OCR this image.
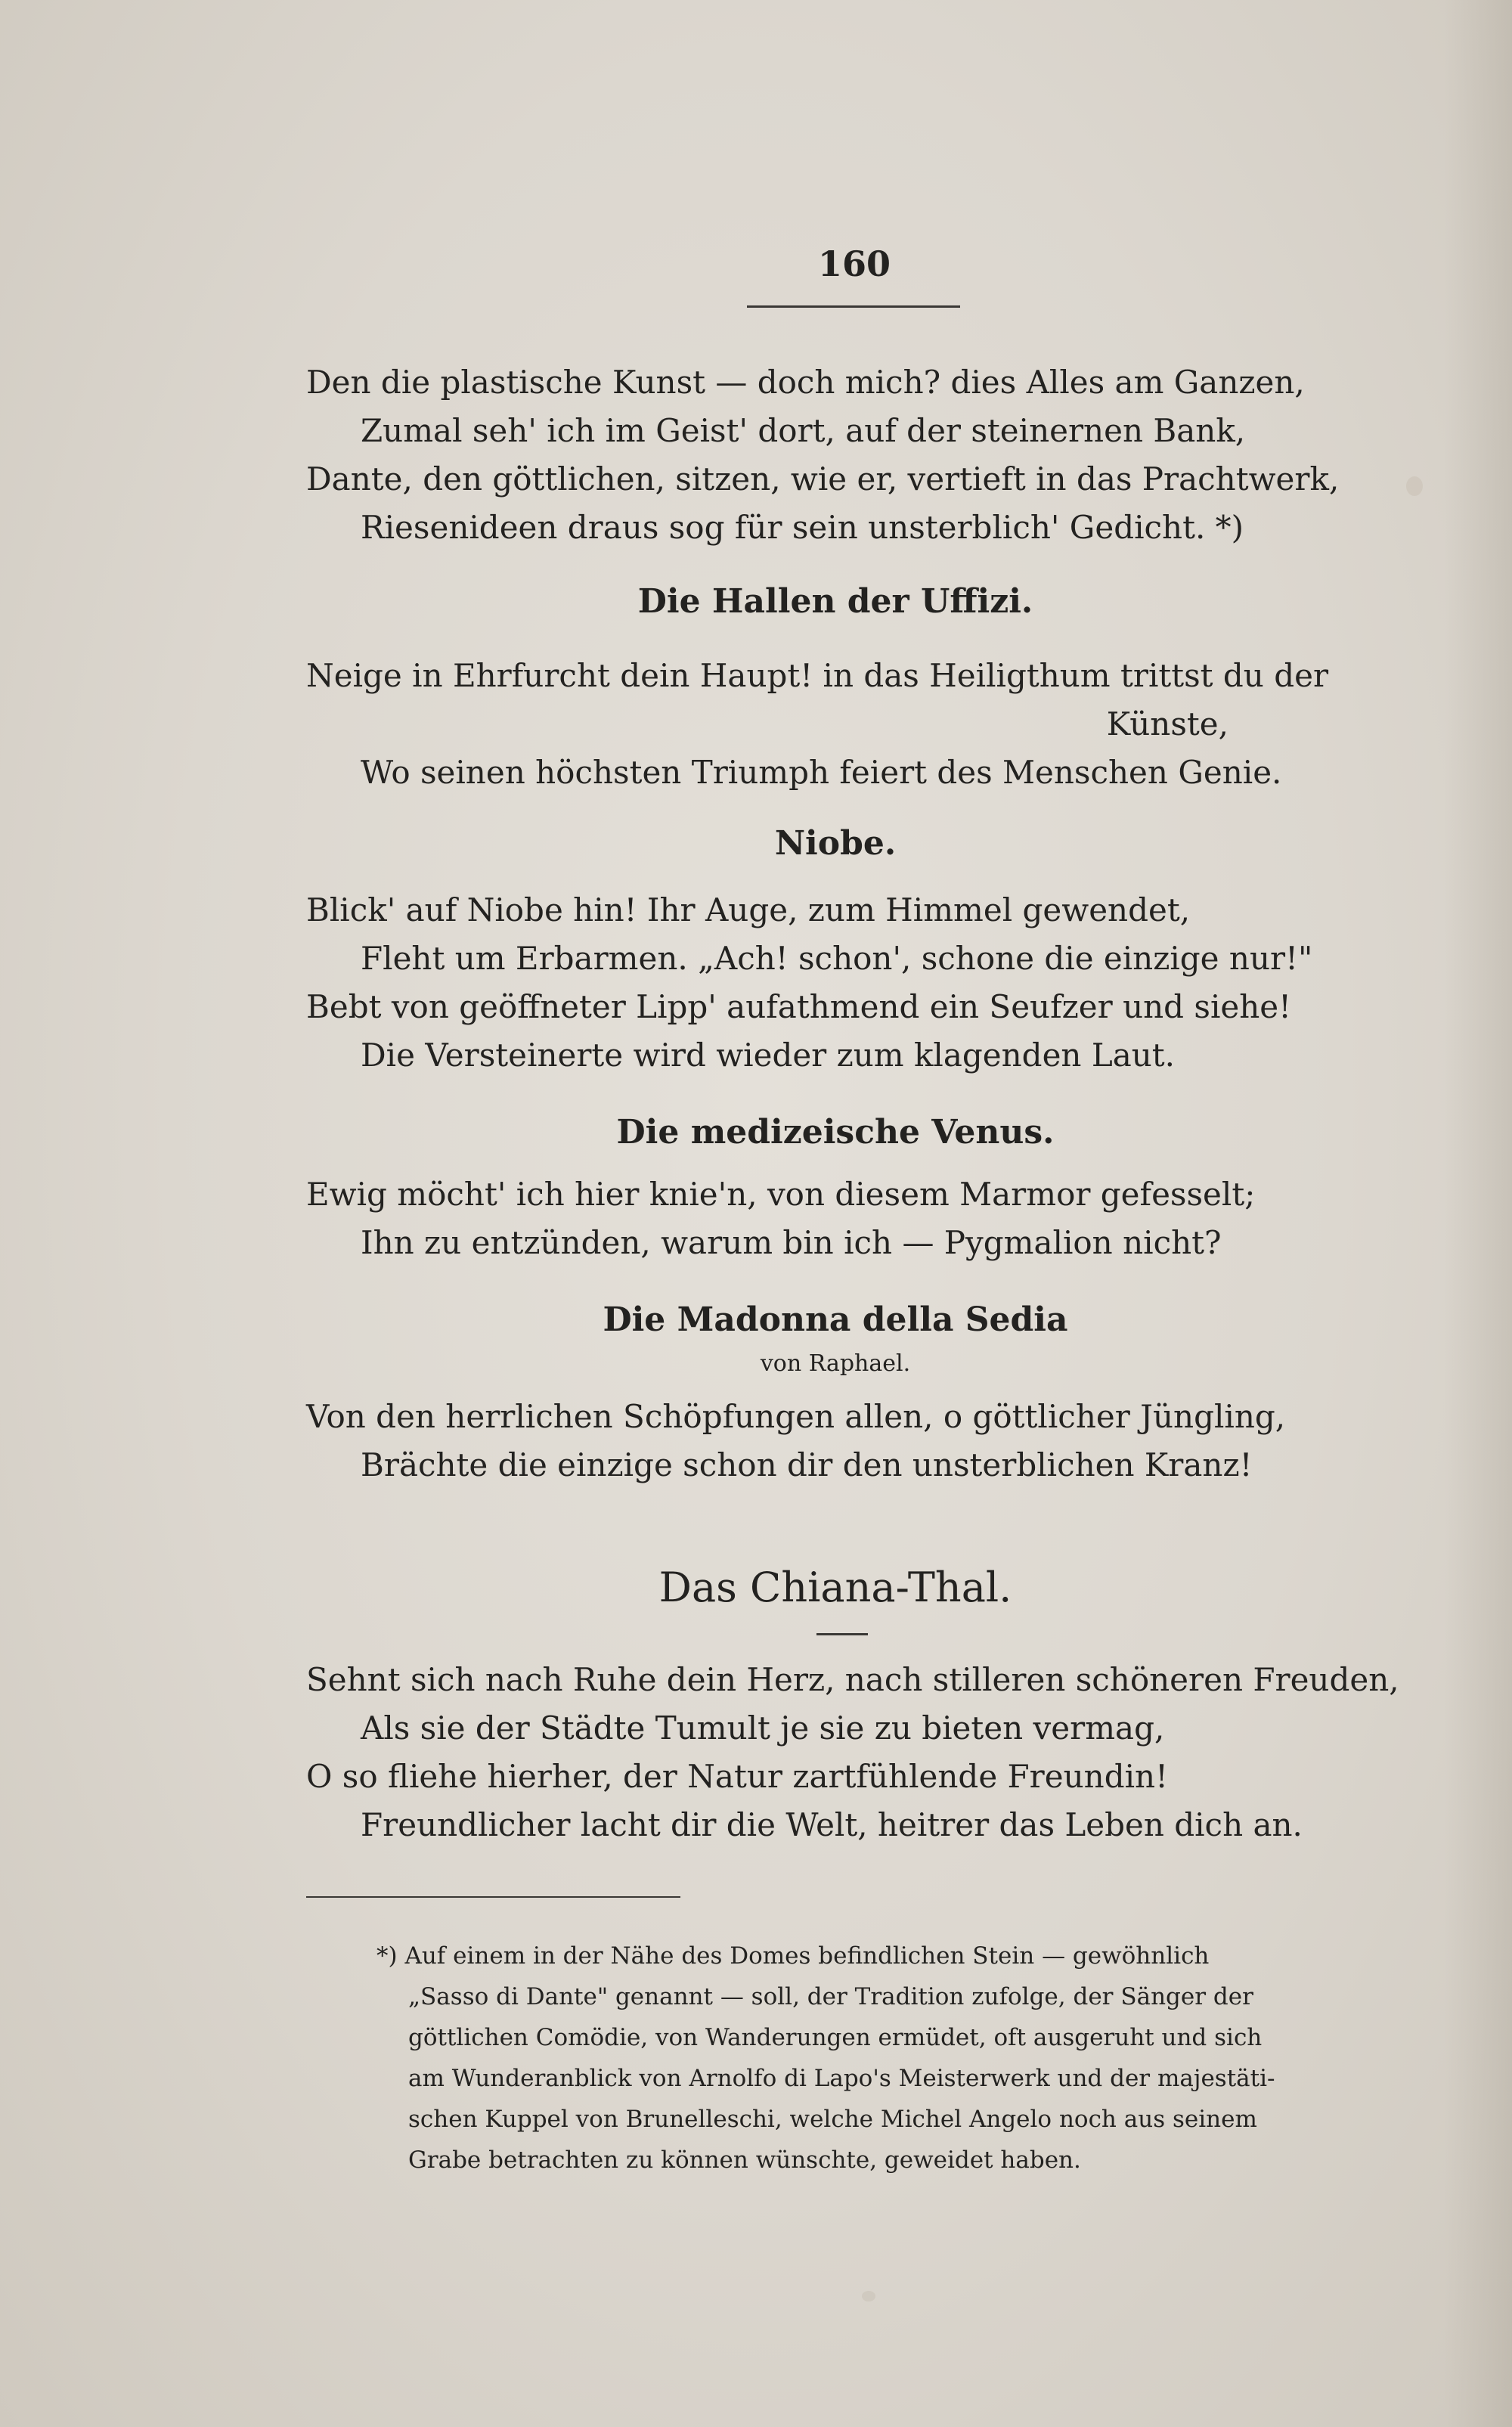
160

Den die plastische Kunst — doch mich? dies Alles am Ganzen,

Zumal seh' ich im Geist' dort, auf der steinernen Bank,

Dante, den göttlichen, sitzen, wie er, vertieft in das Prachtwerk,

Riesenideen draus sog für sein unsterblich' Gedicht. *)

Die Hallen der Uffizi.

Neige in Ehrfurcht dein Haupt! in das Heiligthum trittst du der

Künste,

Wo seinen höchsten Triumph feiert des Menschen Genie.

Niobe.

Blick' auf Niobe hin! Ihr Auge, zum Himmel gewendet,

Fleht um Erbarmen. „Ach! schon', schone die einzige nur!"

Bebt von geöffneter Lipp' aufathmend ein Seufzer und siehe!

Die Versteinerte wird wieder zum klagenden Laut.

Die medizeische Venus.

Ewig möcht' ich hier knie'n, von diesem Marmor gefesselt;

Ihn zu entzünden, warum bin ich — Pygmalion nicht?

Die Madonna della Sedia
von Raphael.

Von den herrlichen Schöpfungen allen, o göttlicher Jüngling,

Brächte die einzige schon dir den unsterblichen Kranz!

Das Chiana-Thal.

Sehnt sich nach Ruhe dein Herz, nach stilleren schöneren Freuden,

Als sie der Städte Tumult je sie zu bieten vermag,

O so fliehe hierher, der Natur zartfühlende Freundin!

Freundlicher lacht dir die Welt, heitrer das Leben dich an.

*) Auf einem in der Nähe des Domes befindlichen Stein — gewöhnlich

„Sasso di Dante" genannt — soll, der Tradition zufolge, der Sänger der

göttlichen Comödie, von Wanderungen ermüdet, oft ausgeruht und sich

am Wunderanblick von Arnolfo di Lapo's Meisterwerk und der majestäti-

schen Kuppel von Brunelleschi, welche Michel Angelo noch aus seinem

Grabe betrachten zu können wünschte, geweidet haben.
